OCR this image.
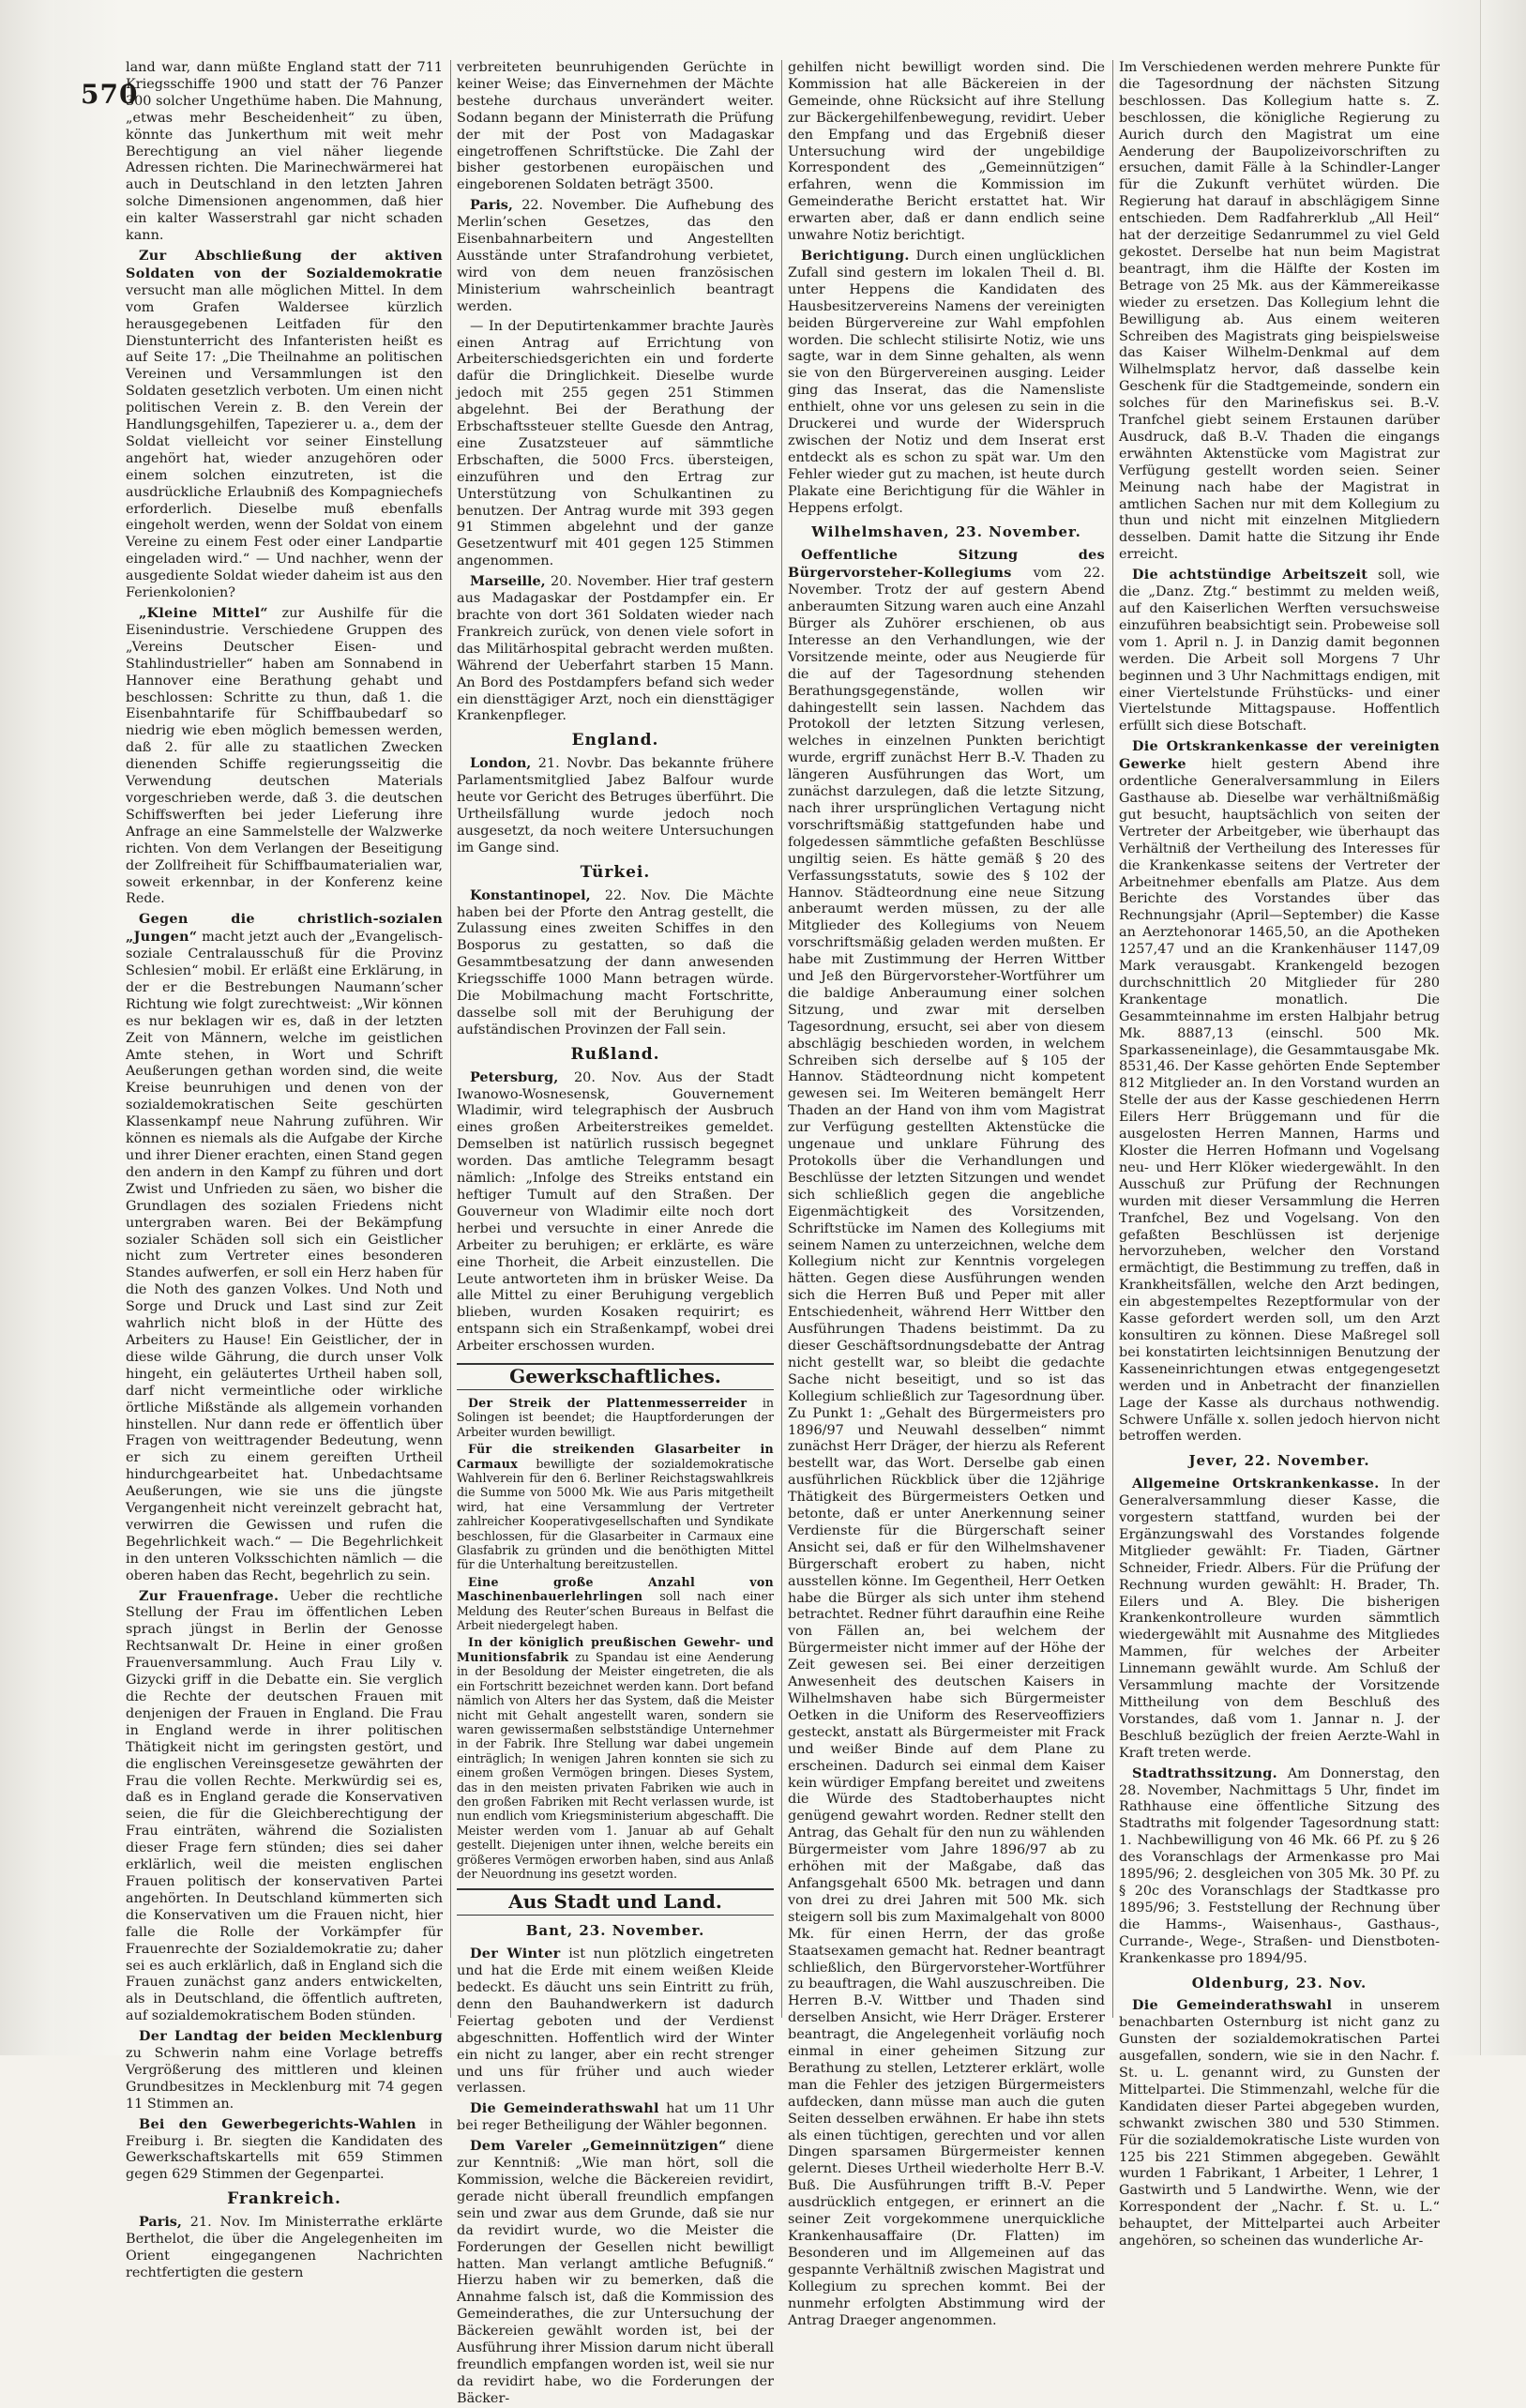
570

land war, dann müßte England statt der 711 Kriegsschiffe 1900 und statt der 76 Panzer 300 solcher Ungethüme haben. Die Mahnung, „etwas mehr Bescheidenheit“ zu üben, könnte das Junkerthum mit weit mehr Berechtigung an viel näher liegende Adressen richten. Die Marinechwärmerei hat auch in Deutschland in den letzten Jahren solche Dimensionen angenommen, daß hier ein kalter Wasserstrahl gar nicht schaden kann.

Zur Abschließung der aktiven Soldaten von der Sozialdemokratie versucht man alle möglichen Mittel. In dem vom Grafen Waldersee kürzlich herausgegebenen Leitfaden für den Dienstunterricht des Infanteristen heißt es auf Seite 17: „Die Theilnahme an politischen Vereinen und Versammlungen ist den Soldaten gesetzlich verboten. Um einen nicht politischen Verein z. B. den Verein der Handlungsgehilfen, Tapezierer u. a., dem der Soldat vielleicht vor seiner Einstellung angehört hat, wieder anzugehören oder einem solchen einzutreten, ist die ausdrückliche Erlaubniß des Kompagniechefs erforderlich. Dieselbe muß ebenfalls eingeholt werden, wenn der Soldat von einem Vereine zu einem Fest oder einer Landpartie eingeladen wird.“ — Und nachher, wenn der ausgediente Soldat wieder daheim ist aus den Ferienkolonien?

„Kleine Mittel“ zur Aushilfe für die Eisenindustrie. Verschiedene Gruppen des „Vereins Deutscher Eisen- und Stahlindustrieller“ haben am Sonnabend in Hannover eine Berathung gehabt und beschlossen: Schritte zu thun, daß 1. die Eisenbahntarife für Schiffbaubedarf so niedrig wie eben möglich bemessen werden, daß 2. für alle zu staatlichen Zwecken dienenden Schiffe regierungsseitig die Verwendung deutschen Materials vorgeschrieben werde, daß 3. die deutschen Schiffswerften bei jeder Lieferung ihre Anfrage an eine Sammelstelle der Walzwerke richten. Von dem Verlangen der Beseitigung der Zollfreiheit für Schiffbaumaterialien war, soweit erkennbar, in der Konferenz keine Rede.

Gegen die christlich-sozialen „Jungen“ macht jetzt auch der „Evangelisch-soziale Centralausschuß für die Provinz Schlesien“ mobil. Er erläßt eine Erklärung, in der er die Bestrebungen Naumann’scher Richtung wie folgt zurechtweist: „Wir können es nur beklagen wir es, daß in der letzten Zeit von Männern, welche im geistlichen Amte stehen, in Wort und Schrift Aeußerungen gethan worden sind, die weite Kreise beunruhigen und denen von der sozialdemokratischen Seite geschürten Klassenkampf neue Nahrung zuführen. Wir können es niemals als die Aufgabe der Kirche und ihrer Diener erachten, einen Stand gegen den andern in den Kampf zu führen und dort Zwist und Unfrieden zu säen, wo bisher die Grundlagen des sozialen Friedens nicht untergraben waren. Bei der Bekämpfung sozialer Schäden soll sich ein Geistlicher nicht zum Vertreter eines besonderen Standes aufwerfen, er soll ein Herz haben für die Noth des ganzen Volkes. Und Noth und Sorge und Druck und Last sind zur Zeit wahrlich nicht bloß in der Hütte des Arbeiters zu Hause! Ein Geistlicher, der in diese wilde Gährung, die durch unser Volk hingeht, ein geläutertes Urtheil haben soll, darf nicht vermeintliche oder wirkliche örtliche Mißstände als allgemein vorhanden hinstellen. Nur dann rede er öffentlich über Fragen von weittragender Bedeutung, wenn er sich zu einem gereiften Urtheil hindurchgearbeitet hat. Unbedachtsame Aeußerungen, wie sie uns die jüngste Vergangenheit nicht vereinzelt gebracht hat, verwirren die Gewissen und rufen die Begehrlichkeit wach.“ — Die Begehrlichkeit in den unteren Volksschichten nämlich — die oberen haben das Recht, begehrlich zu sein.

Zur Frauenfrage. Ueber die rechtliche Stellung der Frau im öffentlichen Leben sprach jüngst in Berlin der Genosse Rechtsanwalt Dr. Heine in einer großen Frauenversammlung. Auch Frau Lily v. Gizycki griff in die Debatte ein. Sie verglich die Rechte der deutschen Frauen mit denjenigen der Frauen in England. Die Frau in England werde in ihrer politischen Thätigkeit nicht im geringsten gestört, und die englischen Vereinsgesetze gewährten der Frau die vollen Rechte. Merkwürdig sei es, daß es in England gerade die Konservativen seien, die für die Gleichberechtigung der Frau einträten, während die Sozialisten dieser Frage fern stünden; dies sei daher erklärlich, weil die meisten englischen Frauen politisch der konservativen Partei angehörten. In Deutschland kümmerten sich die Konservativen um die Frauen nicht, hier falle die Rolle der Vorkämpfer für Frauenrechte der Sozialdemokratie zu; daher sei es auch erklärlich, daß in England sich die Frauen zunächst ganz anders entwickelten, als in Deutschland, die öffentlich auftreten, auf sozialdemokratischem Boden stünden.

Der Landtag der beiden Mecklenburg zu Schwerin nahm eine Vorlage betreffs Vergrößerung des mittleren und kleinen Grundbesitzes in Mecklenburg mit 74 gegen 11 Stimmen an.

Bei den Gewerbegerichts-Wahlen in Freiburg i. Br. siegten die Kandidaten des Gewerkschaftskartells mit 659 Stimmen gegen 629 Stimmen der Gegenpartei.

Frankreich.

Paris, 21. Nov. Im Ministerrathe erklärte Berthelot, die über die Angelegenheiten im Orient eingegangenen Nachrichten rechtfertigten die gestern

verbreiteten beunruhigenden Gerüchte in keiner Weise; das Einvernehmen der Mächte bestehe durchaus unverändert weiter. Sodann begann der Ministerrath die Prüfung der mit der Post von Madagaskar eingetroffenen Schriftstücke. Die Zahl der bisher gestorbenen europäischen und eingeborenen Soldaten beträgt 3500.

Paris, 22. November. Die Aufhebung des Merlin’schen Gesetzes, das den Eisenbahnarbeitern und Angestellten Ausstände unter Strafandrohung verbietet, wird von dem neuen französischen Ministerium wahrscheinlich beantragt werden.

— In der Deputirtenkammer brachte Jaurès einen Antrag auf Errichtung von Arbeiterschiedsgerichten ein und forderte dafür die Dringlichkeit. Dieselbe wurde jedoch mit 255 gegen 251 Stimmen abgelehnt. Bei der Berathung der Erbschaftssteuer stellte Guesde den Antrag, eine Zusatzsteuer auf sämmtliche Erbschaften, die 5000 Frcs. übersteigen, einzuführen und den Ertrag zur Unterstützung von Schulkantinen zu benutzen. Der Antrag wurde mit 393 gegen 91 Stimmen abgelehnt und der ganze Gesetzentwurf mit 401 gegen 125 Stimmen angenommen.

Marseille, 20. November. Hier traf gestern aus Madagaskar der Postdampfer ein. Er brachte von dort 361 Soldaten wieder nach Frankreich zurück, von denen viele sofort in das Militärhospital gebracht werden mußten. Während der Ueberfahrt starben 15 Mann. An Bord des Postdampfers befand sich weder ein diensttägiger Arzt, noch ein diensttägiger Krankenpfleger.

England.

London, 21. Novbr. Das bekannte frühere Parlamentsmitglied Jabez Balfour wurde heute vor Gericht des Betruges überführt. Die Urtheilsfällung wurde jedoch noch ausgesetzt, da noch weitere Untersuchungen im Gange sind.

Türkei.

Konstantinopel, 22. Nov. Die Mächte haben bei der Pforte den Antrag gestellt, die Zulassung eines zweiten Schiffes in den Bosporus zu gestatten, so daß die Gesammtbesatzung der dann anwesenden Kriegsschiffe 1000 Mann betragen würde. Die Mobilmachung macht Fortschritte, dasselbe soll mit der Beruhigung der aufständischen Provinzen der Fall sein.

Rußland.

Petersburg, 20. Nov. Aus der Stadt Iwanowo-Wosnesensk, Gouvernement Wladimir, wird telegraphisch der Ausbruch eines großen Arbeiterstreikes gemeldet. Demselben ist natürlich russisch begegnet worden. Das amtliche Telegramm besagt nämlich: „Infolge des Streiks entstand ein heftiger Tumult auf den Straßen. Der Gouverneur von Wladimir eilte noch dort herbei und versuchte in einer Anrede die Arbeiter zu beruhigen; er erklärte, es wäre eine Thorheit, die Arbeit einzustellen. Die Leute antworteten ihm in brüsker Weise. Da alle Mittel zu einer Beruhigung vergeblich blieben, wurden Kosaken requirirt; es entspann sich ein Straßenkampf, wobei drei Arbeiter erschossen wurden.

Gewerkschaftliches.

Der Streik der Plattenmesserreider in Solingen ist beendet; die Hauptforderungen der Arbeiter wurden bewilligt.

Für die streikenden Glasarbeiter in Carmaux bewilligte der sozialdemokratische Wahlverein für den 6. Berliner Reichstagswahlkreis die Summe von 5000 Mk. Wie aus Paris mitgetheilt wird, hat eine Versammlung der Vertreter zahlreicher Kooperativgesellschaften und Syndikate beschlossen, für die Glasarbeiter in Carmaux eine Glasfabrik zu gründen und die benöthigten Mittel für die Unterhaltung bereitzustellen.

Eine große Anzahl von Maschinenbauerlehrlingen soll nach einer Meldung des Reuter’schen Bureaus in Belfast die Arbeit niedergelegt haben.

In der königlich preußischen Gewehr- und Munitionsfabrik zu Spandau ist eine Aenderung in der Besoldung der Meister eingetreten, die als ein Fortschritt bezeichnet werden kann. Dort befand nämlich von Alters her das System, daß die Meister nicht mit Gehalt angestellt waren, sondern sie waren gewissermaßen selbstständige Unternehmer in der Fabrik. Ihre Stellung war dabei ungemein einträglich; In wenigen Jahren konnten sie sich zu einem großen Vermögen bringen. Dieses System, das in den meisten privaten Fabriken wie auch in den großen Fabriken mit Recht verlassen wurde, ist nun endlich vom Kriegsministerium abgeschafft. Die Meister werden vom 1. Januar ab auf Gehalt gestellt. Diejenigen unter ihnen, welche bereits ein größeres Vermögen erworben haben, sind aus Anlaß der Neuordnung ins gesetzt worden.

Aus Stadt und Land.
Bant, 23. November.

Der Winter ist nun plötzlich eingetreten und hat die Erde mit einem weißen Kleide bedeckt. Es däucht uns sein Eintritt zu früh, denn den Bauhandwerkern ist dadurch Feiertag geboten und der Verdienst abgeschnitten. Hoffentlich wird der Winter ein nicht zu langer, aber ein recht strenger und uns für früher und auch wieder verlassen.

Die Gemeinderathswahl hat um 11 Uhr bei reger Betheiligung der Wähler begonnen.

Dem Vareler „Gemeinnützigen“ diene zur Kenntniß: „Wie man hört, soll die Kommission, welche die Bäckereien revidirt, gerade nicht überall freundlich empfangen sein und zwar aus dem Grunde, daß sie nur da revidirt wurde, wo die Meister die Forderungen der Gesellen nicht bewilligt hatten. Man verlangt amtliche Befugniß.“ Hierzu haben wir zu bemerken, daß die Annahme falsch ist, daß die Kommission des Gemeinderathes, die zur Untersuchung der Bäckereien gewählt worden ist, bei der Ausführung ihrer Mission darum nicht überall freundlich empfangen worden ist, weil sie nur da revidirt habe, wo die Forderungen der Bäcker-

gehilfen nicht bewilligt worden sind. Die Kommission hat alle Bäckereien in der Gemeinde, ohne Rücksicht auf ihre Stellung zur Bäckergehilfenbewegung, revidirt. Ueber den Empfang und das Ergebniß dieser Untersuchung wird der ungebildige Korrespondent des „Gemeinnützigen“ erfahren, wenn die Kommission im Gemeinderathe Bericht erstattet hat. Wir erwarten aber, daß er dann endlich seine unwahre Notiz berichtigt.

Berichtigung. Durch einen unglücklichen Zufall sind gestern im lokalen Theil d. Bl. unter Heppens die Kandidaten des Hausbesitzervereins Namens der vereinigten beiden Bürgervereine zur Wahl empfohlen worden. Die schlecht stilisirte Notiz, wie uns sagte, war in dem Sinne gehalten, als wenn sie von den Bürgervereinen ausging. Leider ging das Inserat, das die Namensliste enthielt, ohne vor uns gelesen zu sein in die Druckerei und wurde der Widerspruch zwischen der Notiz und dem Inserat erst entdeckt als es schon zu spät war. Um den Fehler wieder gut zu machen, ist heute durch Plakate eine Berichtigung für die Wähler in Heppens erfolgt.

Wilhelmshaven, 23. November.

Oeffentliche Sitzung des Bürgervorsteher-Kollegiums vom 22. November. Trotz der auf gestern Abend anberaumten Sitzung waren auch eine Anzahl Bürger als Zuhörer erschienen, ob aus Interesse an den Verhandlungen, wie der Vorsitzende meinte, oder aus Neugierde für die auf der Tagesordnung stehenden Berathungsgegenstände, wollen wir dahingestellt sein lassen. Nachdem das Protokoll der letzten Sitzung verlesen, welches in einzelnen Punkten berichtigt wurde, ergriff zunächst Herr B.-V. Thaden zu längeren Ausführungen das Wort, um zunächst darzulegen, daß die letzte Sitzung, nach ihrer ursprünglichen Vertagung nicht vorschriftsmäßig stattgefunden habe und folgedessen sämmtliche gefaßten Beschlüsse ungiltig seien. Es hätte gemäß § 20 des Verfassungsstatuts, sowie des § 102 der Hannov. Städteordnung eine neue Sitzung anberaumt werden müssen, zu der alle Mitglieder des Kollegiums von Neuem vorschriftsmäßig geladen werden mußten. Er habe mit Zustimmung der Herren Wittber und Jeß den Bürgervorsteher-Wortführer um die baldige Anberaumung einer solchen Sitzung, und zwar mit derselben Tagesordnung, ersucht, sei aber von diesem abschlägig beschieden worden, in welchem Schreiben sich derselbe auf § 105 der Hannov. Städteordnung nicht kompetent gewesen sei. Im Weiteren bemängelt Herr Thaden an der Hand von ihm vom Magistrat zur Verfügung gestellten Aktenstücke die ungenaue und unklare Führung des Protokolls über die Verhandlungen und Beschlüsse der letzten Sitzungen und wendet sich schließlich gegen die angebliche Eigenmächtigkeit des Vorsitzenden, Schriftstücke im Namen des Kollegiums mit seinem Namen zu unterzeichnen, welche dem Kollegium nicht zur Kenntnis vorgelegen hätten. Gegen diese Ausführungen wenden sich die Herren Buß und Peper mit aller Entschiedenheit, während Herr Wittber den Ausführungen Thadens beistimmt. Da zu dieser Geschäftsordnungsdebatte der Antrag nicht gestellt war, so bleibt die gedachte Sache nicht beseitigt, und so ist das Kollegium schließlich zur Tagesordnung über. Zu Punkt 1: „Gehalt des Bürgermeisters pro 1896/97 und Neuwahl desselben“ nimmt zunächst Herr Dräger, der hierzu als Referent bestellt war, das Wort. Derselbe gab einen ausführlichen Rückblick über die 12jährige Thätigkeit des Bürgermeisters Oetken und betonte, daß er unter Anerkennung seiner Verdienste für die Bürgerschaft seiner Ansicht sei, daß er für den Wilhelmshavener Bürgerschaft erobert zu haben, nicht ausstellen könne. Im Gegentheil, Herr Oetken habe die Bürger als sich unter ihm stehend betrachtet. Redner führt daraufhin eine Reihe von Fällen an, bei welchem der Bürgermeister nicht immer auf der Höhe der Zeit gewesen sei. Bei einer derzeitigen Anwesenheit des deutschen Kaisers in Wilhelmshaven habe sich Bürgermeister Oetken in die Uniform des Reserveoffiziers gesteckt, anstatt als Bürgermeister mit Frack und weißer Binde auf dem Plane zu erscheinen. Dadurch sei einmal dem Kaiser kein würdiger Empfang bereitet und zweitens die Würde des Stadtoberhauptes nicht genügend gewahrt worden. Redner stellt den Antrag, das Gehalt für den nun zu wählenden Bürgermeister vom Jahre 1896/97 ab zu erhöhen mit der Maßgabe, daß das Anfangsgehalt 6500 Mk. betragen und dann von drei zu drei Jahren mit 500 Mk. sich steigern soll bis zum Maximalgehalt von 8000 Mk. für einen Herrn, der das große Staatsexamen gemacht hat. Redner beantragt schließlich, den Bürgervorsteher-Wortführer zu beauftragen, die Wahl auszuschreiben. Die Herren B.-V. Wittber und Thaden sind derselben Ansicht, wie Herr Dräger. Ersterer beantragt, die Angelegenheit vorläufig noch einmal in einer geheimen Sitzung zur Berathung zu stellen, Letzterer erklärt, wolle man die Fehler des jetzigen Bürgermeisters aufdecken, dann müsse man auch die guten Seiten desselben erwähnen. Er habe ihn stets als einen tüchtigen, gerechten und vor allen Dingen sparsamen Bürgermeister kennen gelernt. Dieses Urtheil wiederholte Herr B.-V. Buß. Die Ausführungen trifft B.-V. Peper ausdrücklich entgegen, er erinnert an die seiner Zeit vorgekommene unerquickliche Krankenhausaffaire (Dr. Flatten) im Besonderen und im Allgemeinen auf das gespannte Verhältniß zwischen Magistrat und Kollegium zu sprechen kommt. Bei der nunmehr erfolgten Abstimmung wird der Antrag Draeger angenommen.

Im Verschiedenen werden mehrere Punkte für die Tagesordnung der nächsten Sitzung beschlossen. Das Kollegium hatte s. Z. beschlossen, die königliche Regierung zu Aurich durch den Magistrat um eine Aenderung der Baupolizeivorschriften zu ersuchen, damit Fälle à la Schindler-Langer für die Zukunft verhütet würden. Die Regierung hat darauf in abschlägigem Sinne entschieden. Dem Radfahrerklub „All Heil“ hat der derzeitige Sedanrummel zu viel Geld gekostet. Derselbe hat nun beim Magistrat beantragt, ihm die Hälfte der Kosten im Betrage von 25 Mk. aus der Kämmereikasse wieder zu ersetzen. Das Kollegium lehnt die Bewilligung ab. Aus einem weiteren Schreiben des Magistrats ging beispielsweise das Kaiser Wilhelm-Denkmal auf dem Wilhelmsplatz hervor, daß dasselbe kein Geschenk für die Stadtgemeinde, sondern ein solches für den Marinefiskus sei. B.-V. Tranfchel giebt seinem Erstaunen darüber Ausdruck, daß B.-V. Thaden die eingangs erwähnten Aktenstücke vom Magistrat zur Verfügung gestellt worden seien. Seiner Meinung nach habe der Magistrat in amtlichen Sachen nur mit dem Kollegium zu thun und nicht mit einzelnen Mitgliedern desselben. Damit hatte die Sitzung ihr Ende erreicht.

Die achtstündige Arbeitszeit soll, wie die „Danz. Ztg.“ bestimmt zu melden weiß, auf den Kaiserlichen Werften versuchsweise einzuführen beabsichtigt sein. Probeweise soll vom 1. April n. J. in Danzig damit begonnen werden. Die Arbeit soll Morgens 7 Uhr beginnen und 3 Uhr Nachmittags endigen, mit einer Viertelstunde Frühstücks- und einer Viertelstunde Mittagspause. Hoffentlich erfüllt sich diese Botschaft.

Die Ortskrankenkasse der vereinigten Gewerke hielt gestern Abend ihre ordentliche Generalversammlung in Eilers Gasthause ab. Dieselbe war verhältnißmäßig gut besucht, hauptsächlich von seiten der Vertreter der Arbeitgeber, wie überhaupt das Verhältniß der Vertheilung des Interesses für die Krankenkasse seitens der Vertreter der Arbeitnehmer ebenfalls am Platze. Aus dem Berichte des Vorstandes über das Rechnungsjahr (April—September) die Kasse an Aerztehonorar 1465,50, an die Apotheken 1257,47 und an die Krankenhäuser 1147,09 Mark verausgabt. Krankengeld bezogen durchschnittlich 20 Mitglieder für 280 Krankentage monatlich. Die Gesammteinnahme im ersten Halbjahr betrug Mk. 8887,13 (einschl. 500 Mk. Sparkasseneinlage), die Gesammtausgabe Mk. 8531,46. Der Kasse gehörten Ende September 812 Mitglieder an. In den Vorstand wurden an Stelle der aus der Kasse geschiedenen Herrn Eilers Herr Brüggemann und für die ausgelosten Herren Mannen, Harms und Kloster die Herren Hofmann und Vogelsang neu- und Herr Klöker wiedergewählt. In den Ausschuß zur Prüfung der Rechnungen wurden mit dieser Versammlung die Herren Tranfchel, Bez und Vogelsang. Von den gefaßten Beschlüssen ist derjenige hervorzuheben, welcher den Vorstand ermächtigt, die Bestimmung zu treffen, daß in Krankheitsfällen, welche den Arzt bedingen, ein abgestempeltes Rezeptformular von der Kasse gefordert werden soll, um den Arzt konsultiren zu können. Diese Maßregel soll bei konstatirten leichtsinnigen Benutzung der Kasseneinrichtungen etwas entgegengesetzt werden und in Anbetracht der finanziellen Lage der Kasse als durchaus nothwendig. Schwere Unfälle x. sollen jedoch hiervon nicht betroffen werden.

Jever, 22. November.

Allgemeine Ortskrankenkasse. In der Generalversammlung dieser Kasse, die vorgestern stattfand, wurden bei der Ergänzungswahl des Vorstandes folgende Mitglieder gewählt: Fr. Tiaden, Gärtner Schneider, Friedr. Albers. Für die Prüfung der Rechnung wurden gewählt: H. Brader, Th. Eilers und A. Bley. Die bisherigen Krankenkontrolleure wurden sämmtlich wiedergewählt mit Ausnahme des Mitgliedes Mammen, für welches der Arbeiter Linnemann gewählt wurde. Am Schluß der Versammlung machte der Vorsitzende Mittheilung von dem Beschluß des Vorstandes, daß vom 1. Jannar n. J. der Beschluß bezüglich der freien Aerzte-Wahl in Kraft treten werde.

Stadtrathssitzung. Am Donnerstag, den 28. November, Nachmittags 5 Uhr, findet im Rathhause eine öffentliche Sitzung des Stadtraths mit folgender Tagesordnung statt: 1. Nachbewilligung von 46 Mk. 66 Pf. zu § 26 des Voranschlags der Armenkasse pro Mai 1895/96; 2. desgleichen von 305 Mk. 30 Pf. zu § 20c des Voranschlags der Stadtkasse pro 1895/96; 3. Feststellung der Rechnung über die Hamms-, Waisenhaus-, Gasthaus-, Currande-, Wege-, Straßen- und Dienstboten-Krankenkasse pro 1894/95.

Oldenburg, 23. Nov.

Die Gemeinderathswahl in unserem benachbarten Osternburg ist nicht ganz zu Gunsten der sozialdemokratischen Partei ausgefallen, sondern, wie sie in den Nachr. f. St. u. L. genannt wird, zu Gunsten der Mittelpartei. Die Stimmenzahl, welche für die Kandidaten dieser Partei abgegeben wurden, schwankt zwischen 380 und 530 Stimmen. Für die sozialdemokratische Liste wurden von 125 bis 221 Stimmen abgegeben. Gewählt wurden 1 Fabrikant, 1 Arbeiter, 1 Lehrer, 1 Gastwirth und 5 Landwirthe. Wenn, wie der Korrespondent der „Nachr. f. St. u. L.“ behauptet, der Mittelpartei auch Arbeiter angehören, so scheinen das wunderliche Ar-
